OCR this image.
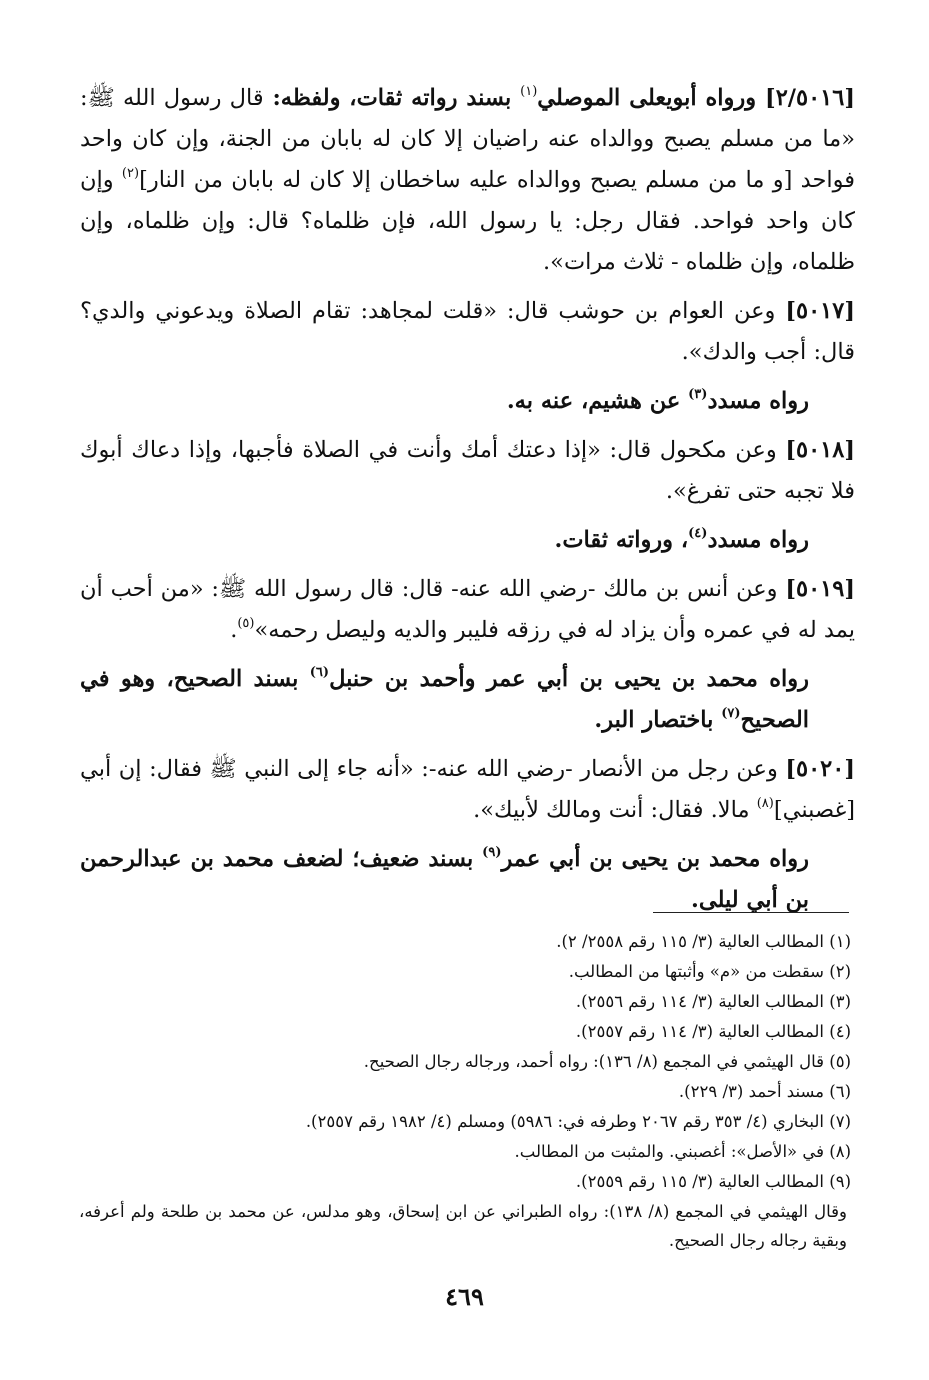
[٢/٥٠١٦] ورواه أبويعلى الموصلي$^{(١)}$ بسند رواته ثقات، ولفظه: قال رسول الله ﷺ: «ما من مسلم يصبح ووالداه عنه راضيان إلا كان له بابان من الجنة، وإن كان واحد فواحد [و ما من مسلم يصبح ووالداه عليه ساخطان إلا كان له بابان من النار]$^{(٢)}$ وإن كان واحد فواحد. فقال رجل: يا رسول الله، فإن ظلماه؟ قال: وإن ظلماه، وإن ظلماه، وإن ظلماه - ثلاث مرات».

[٥٠١٧] وعن العوام بن حوشب قال: «قلت لمجاهد: تقام الصلاة ويدعوني والدي؟ قال: أجب والدك».

رواه مسدد$^{(٣)}$ عن هشيم، عنه به.

[٥٠١٨] وعن مكحول قال: «إذا دعتك أمك وأنت في الصلاة فأجبها، وإذا دعاك أبوك فلا تجبه حتى تفرغ».

رواه مسدد$^{(٤)}$، ورواته ثقات.

[٥٠١٩] وعن أنس بن مالك -رضي الله عنه- قال: قال رسول الله ﷺ: «من أحب أن يمد له في عمره وأن يزاد له في رزقه فليبر والديه وليصل رحمه»$^{(٥)}$.

رواه محمد بن يحيى بن أبي عمر وأحمد بن حنبل$^{(٦)}$ بسند الصحيح، وهو في الصحيح$^{(٧)}$ باختصار البر.

[٥٠٢٠] وعن رجل من الأنصار -رضي الله عنه-: «أنه جاء إلى النبي ﷺ فقال: إن أبي [غصبني]$^{(٨)}$ مالا. فقال: أنت ومالك لأبيك».

رواه محمد بن يحيى بن أبي عمر$^{(٩)}$ بسند ضعيف؛ لضعف محمد بن عبدالرحمن بن أبي ليلى.

(١) المطالب العالية (٣/ ١١٥ رقم ٢٥٥٨/ ٢).

(٢) سقطت من «م» وأثبتها من المطالب.

(٣) المطالب العالية (٣/ ١١٤ رقم ٢٥٥٦).

(٤) المطالب العالية (٣/ ١١٤ رقم ٢٥٥٧).

(٥) قال الهيثمي في المجمع (٨/ ١٣٦): رواه أحمد، ورجاله رجال الصحيح.

(٦) مسند أحمد (٣/ ٢٢٩).

(٧) البخاري (٤/ ٣٥٣ رقم ٢٠٦٧ وطرفه في: ٥٩٨٦) ومسلم (٤/ ١٩٨٢ رقم ٢٥٥٧).

(٨) في «الأصل»: أغصبني. والمثبت من المطالب.

(٩) المطالب العالية (٣/ ١١٥ رقم ٢٥٥٩).

وقال الهيثمي في المجمع (٨/ ١٣٨): رواه الطبراني عن ابن إسحاق، وهو مدلس، عن محمد بن طلحة ولم أعرفه، وبقية رجاله رجال الصحيح.

٤٦٩
